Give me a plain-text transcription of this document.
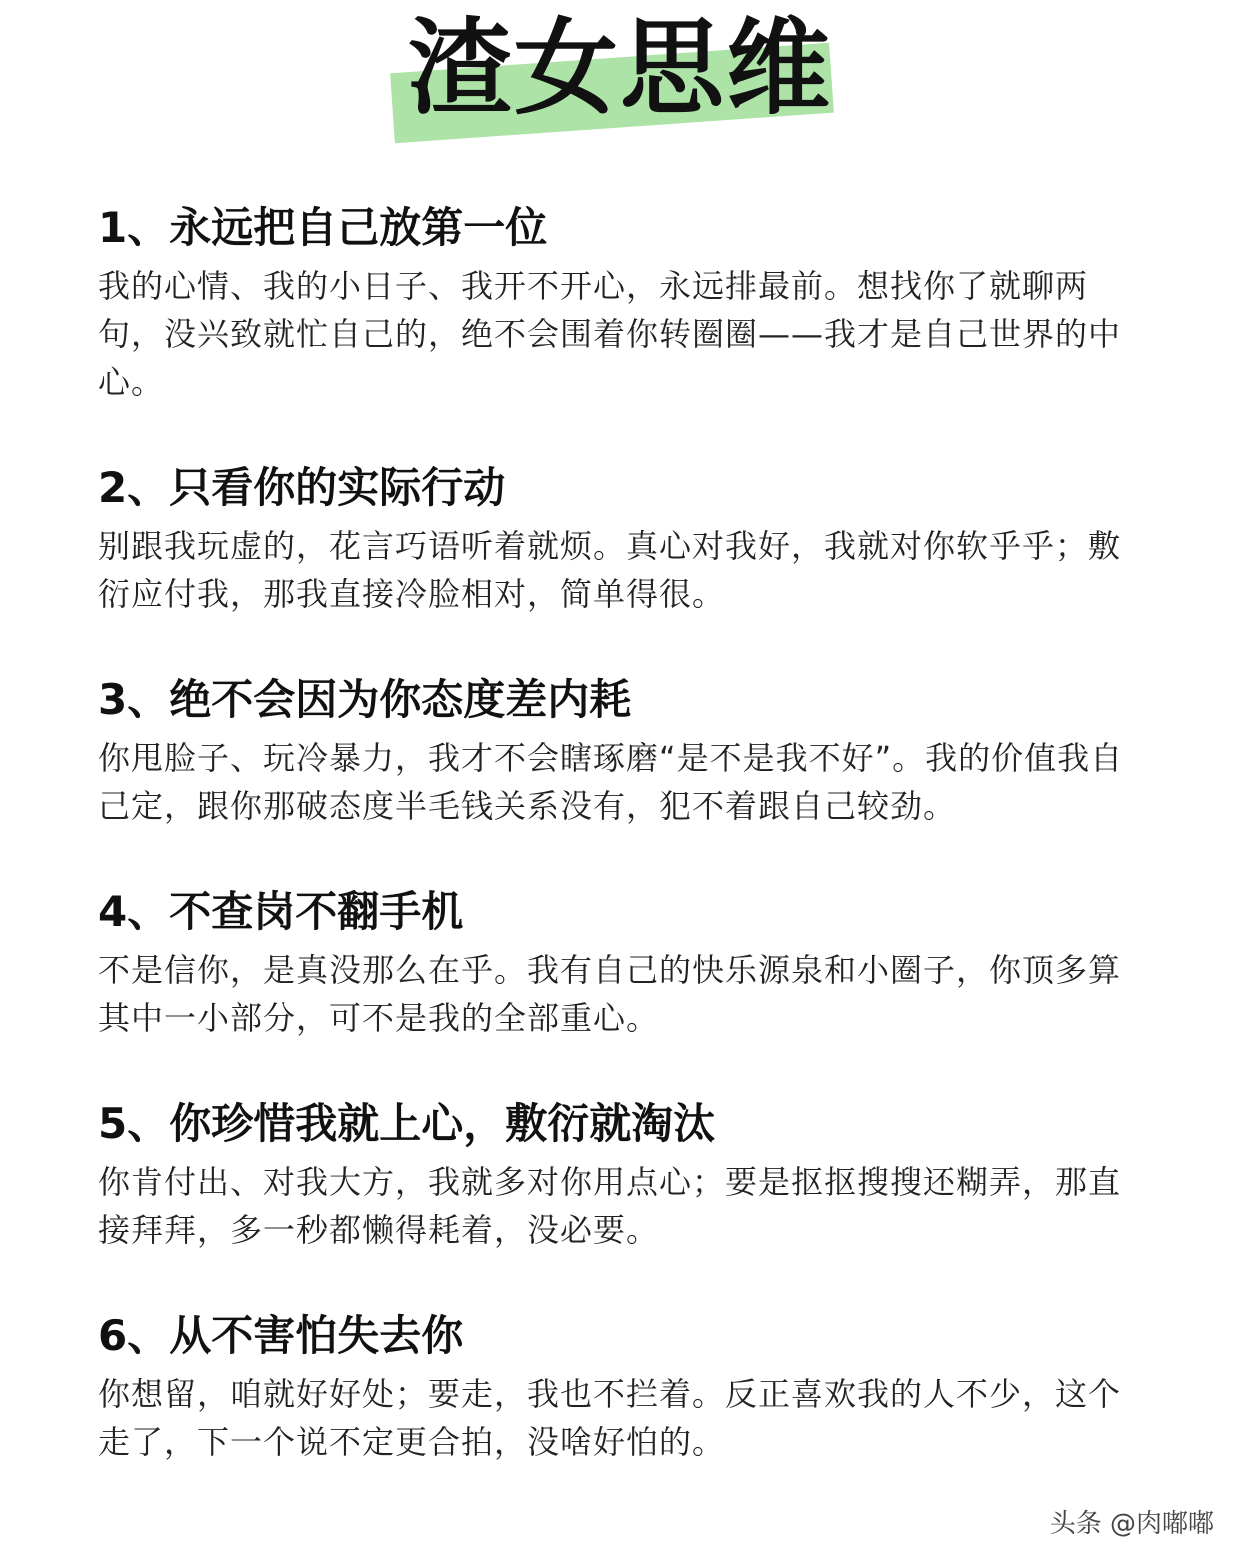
渣女思维

1、永远把自己放第一位

我的心情、我的小日子、我开不开心，永远排最前。想找你了就聊两句，没兴致就忙自己的，绝不会围着你转圈圈——我才是自己世界的中心。

2、只看你的实际行动

别跟我玩虚的，花言巧语听着就烦。真心对我好，我就对你软乎乎；敷衍应付我，那我直接冷脸相对，简单得很。

3、绝不会因为你态度差内耗

你甩脸子、玩冷暴力，我才不会瞎琢磨“是不是我不好”。我的价值我自己定，跟你那破态度半毛钱关系没有，犯不着跟自己较劲。

4、不查岗不翻手机

不是信你，是真没那么在乎。我有自己的快乐源泉和小圈子，你顶多算其中一小部分，可不是我的全部重心。

5、你珍惜我就上心，敷衍就淘汰

你肯付出、对我大方，我就多对你用点心；要是抠抠搜搜还糊弄，那直接拜拜，多一秒都懒得耗着，没必要。

6、从不害怕失去你

你想留，咱就好好处；要走，我也不拦着。反正喜欢我的人不少，这个走了，下一个说不定更合拍，没啥好怕的。

头条 @肉嘟嘟
